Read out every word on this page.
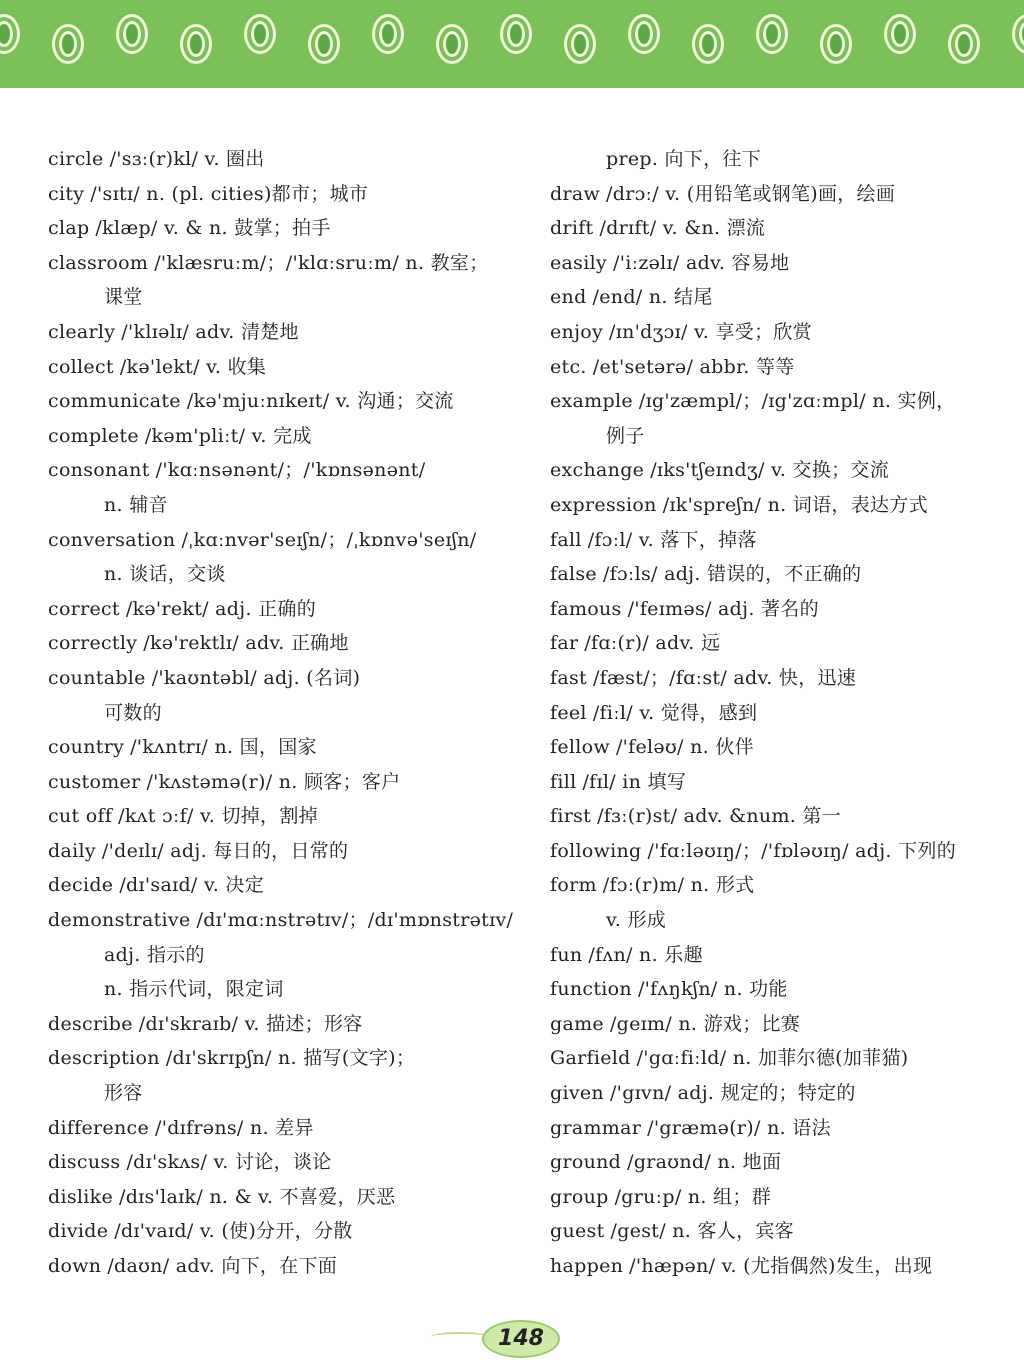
circle /'sɜː(r)kl/ v. 圈出
city /'sɪtɪ/ n. (pl. cities)都市；城市
clap /klæp/ v. & n. 鼓掌；拍手
classroom /'klæsruːm/；/'klɑːsruːm/ n. 教室；
课堂
clearly /'klɪəlɪ/ adv. 清楚地
collect /kə'lekt/ v. 收集
communicate /kə'mjuːnɪkeɪt/ v. 沟通；交流
complete /kəm'pliːt/ v. 完成
consonant /'kɑːnsənənt/；/'kɒnsənənt/
n. 辅音
conversation /ˌkɑːnvər'seɪʃn/；/ˌkɒnvə'seɪʃn/
n. 谈话，交谈
correct /kə'rekt/ adj. 正确的
correctly /kə'rektlɪ/ adv. 正确地
countable /'kaʊntəbl/ adj. (名词)
可数的
country /'kʌntrɪ/ n. 国，国家
customer /'kʌstəmə(r)/ n. 顾客；客户
cut off /kʌt ɔːf/ v. 切掉，割掉
daily /'deɪlɪ/ adj. 每日的，日常的
decide /dɪ'saɪd/ v. 决定
demonstrative /dɪ'mɑːnstrətɪv/；/dɪ'mɒnstrətɪv/
adj. 指示的
n. 指示代词，限定词
describe /dɪ'skraɪb/ v. 描述；形容
description /dɪ'skrɪpʃn/ n. 描写(文字)；
形容
difference /'dɪfrəns/ n. 差异
discuss /dɪ'skʌs/ v. 讨论，谈论
dislike /dɪs'laɪk/ n. & v. 不喜爱，厌恶
divide /dɪ'vaɪd/ v. (使)分开，分散
down /daʊn/ adv. 向下，在下面
prep. 向下，往下
draw /drɔː/ v. (用铅笔或钢笔)画，绘画
drift /drɪft/ v. &n. 漂流
easily /'iːzəlɪ/ adv. 容易地
end /end/ n. 结尾
enjoy /ɪn'dʒɔɪ/ v. 享受；欣赏
etc. /et'setərə/ abbr. 等等
example /ɪg'zæmpl/；/ɪg'zɑːmpl/ n. 实例，
例子
exchange /ɪks'tʃeɪndʒ/ v. 交换；交流
expression /ɪk'spreʃn/ n. 词语，表达方式
fall /fɔːl/ v. 落下，掉落
false /fɔːls/ adj. 错误的，不正确的
famous /'feɪməs/ adj. 著名的
far /fɑː(r)/ adv. 远
fast /fæst/；/fɑːst/ adv. 快，迅速
feel /fiːl/ v. 觉得，感到
fellow /'feləʊ/ n. 伙伴
fill /fɪl/ in 填写
first /fɜː(r)st/ adv. &num. 第一
following /'fɑːləʊɪŋ/；/'fɒləʊɪŋ/ adj. 下列的
form /fɔː(r)m/ n. 形式
v. 形成
fun /fʌn/ n. 乐趣
function /'fʌŋkʃn/ n. 功能
game /geɪm/ n. 游戏；比赛
Garfield /'gɑːfiːld/ n. 加菲尔德(加菲猫)
given /'gɪvn/ adj. 规定的；特定的
grammar /'græmə(r)/ n. 语法
ground /graʊnd/ n. 地面
group /gruːp/ n. 组；群
guest /gest/ n. 客人，宾客
happen /'hæpən/ v. (尤指偶然)发生，出现
148
